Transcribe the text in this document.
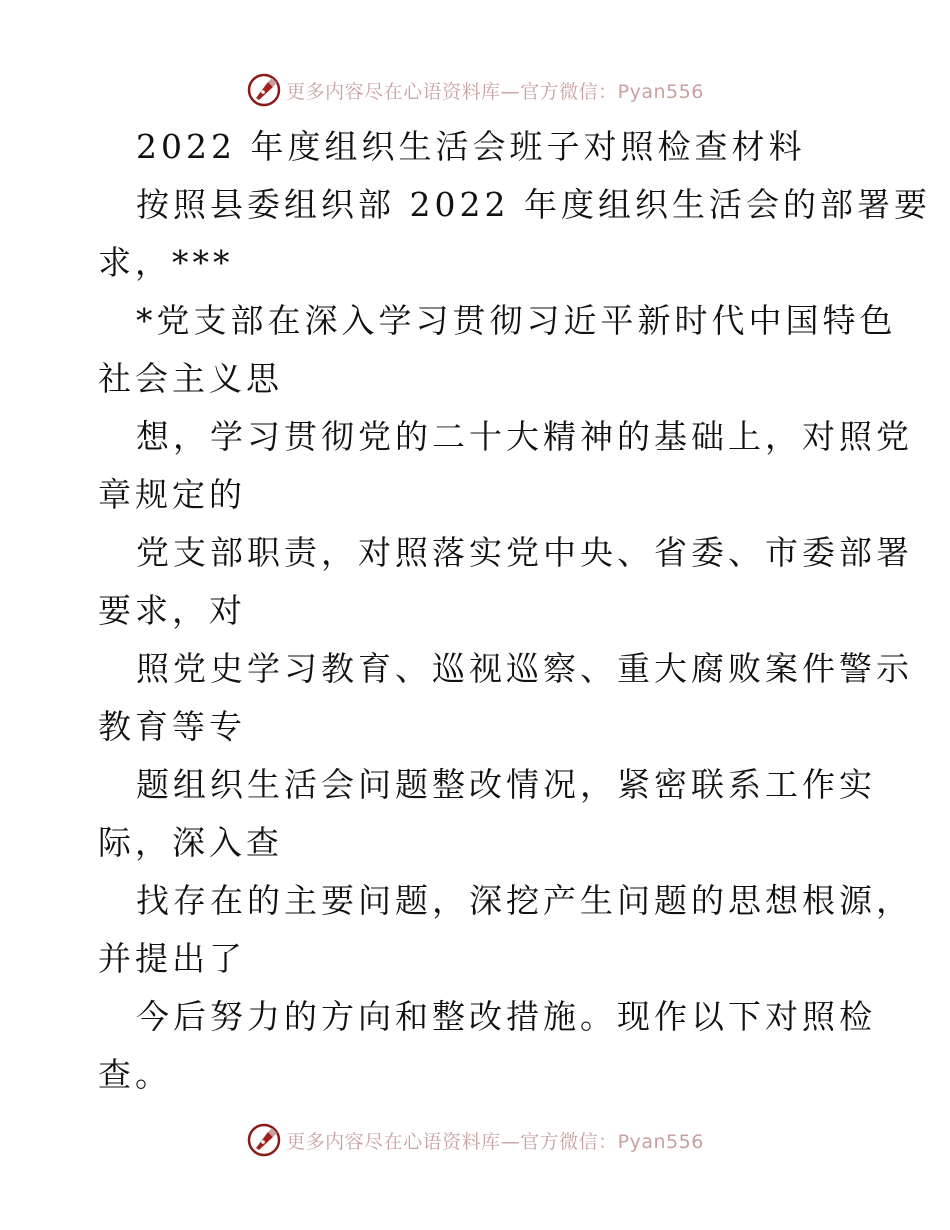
更多内容尽在心语资料库—官方微信：Pyan556
2022 年度组织生活会班子对照检查材料
按照县委组织部 2022 年度组织生活会的部署要
求，***
*党支部在深入学习贯彻习近平新时代中国特色
社会主义思
想，学习贯彻党的二十大精神的基础上，对照党
章规定的
党支部职责，对照落实党中央、省委、市委部署
要求，对
照党史学习教育、巡视巡察、重大腐败案件警示
教育等专
题组织生活会问题整改情况，紧密联系工作实
际，深入查
找存在的主要问题，深挖产生问题的思想根源，
并提出了
今后努力的方向和整改措施。现作以下对照检
查。
更多内容尽在心语资料库—官方微信：Pyan556
